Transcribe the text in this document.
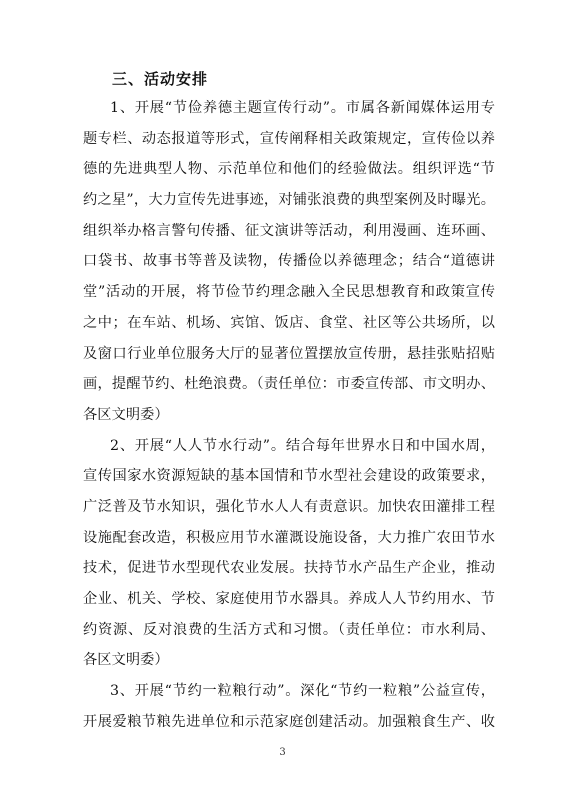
三、活动安排
1、开展“节俭养德主题宣传行动”。市属各新闻媒体运用专
题专栏、动态报道等形式，宣传阐释相关政策规定，宣传俭以养
德的先进典型人物、示范单位和他们的经验做法。组织评选“节
约之星”，大力宣传先进事迹，对铺张浪费的典型案例及时曝光。
组织举办格言警句传播、征文演讲等活动，利用漫画、连环画、
口袋书、故事书等普及读物，传播俭以养德理念；结合“道德讲
堂”活动的开展，将节俭节约理念融入全民思想教育和政策宣传
之中；在车站、机场、宾馆、饭店、食堂、社区等公共场所，以
及窗口行业单位服务大厅的显著位置摆放宣传册，悬挂张贴招贴
画，提醒节约、杜绝浪费。（责任单位：市委宣传部、市文明办、
各区文明委）
2、开展“人人节水行动”。结合每年世界水日和中国水周，
宣传国家水资源短缺的基本国情和节水型社会建设的政策要求，
广泛普及节水知识，强化节水人人有责意识。加快农田灌排工程
设施配套改造，积极应用节水灌溉设施设备，大力推广农田节水
技术，促进节水型现代农业发展。扶持节水产品生产企业，推动
企业、机关、学校、家庭使用节水器具。养成人人节约用水、节
约资源、反对浪费的生活方式和习惯。（责任单位：市水利局、
各区文明委）
3、开展“节约一粒粮行动”。深化“节约一粒粮”公益宣传，
开展爱粮节粮先进单位和示范家庭创建活动。加强粮食生产、收
3
